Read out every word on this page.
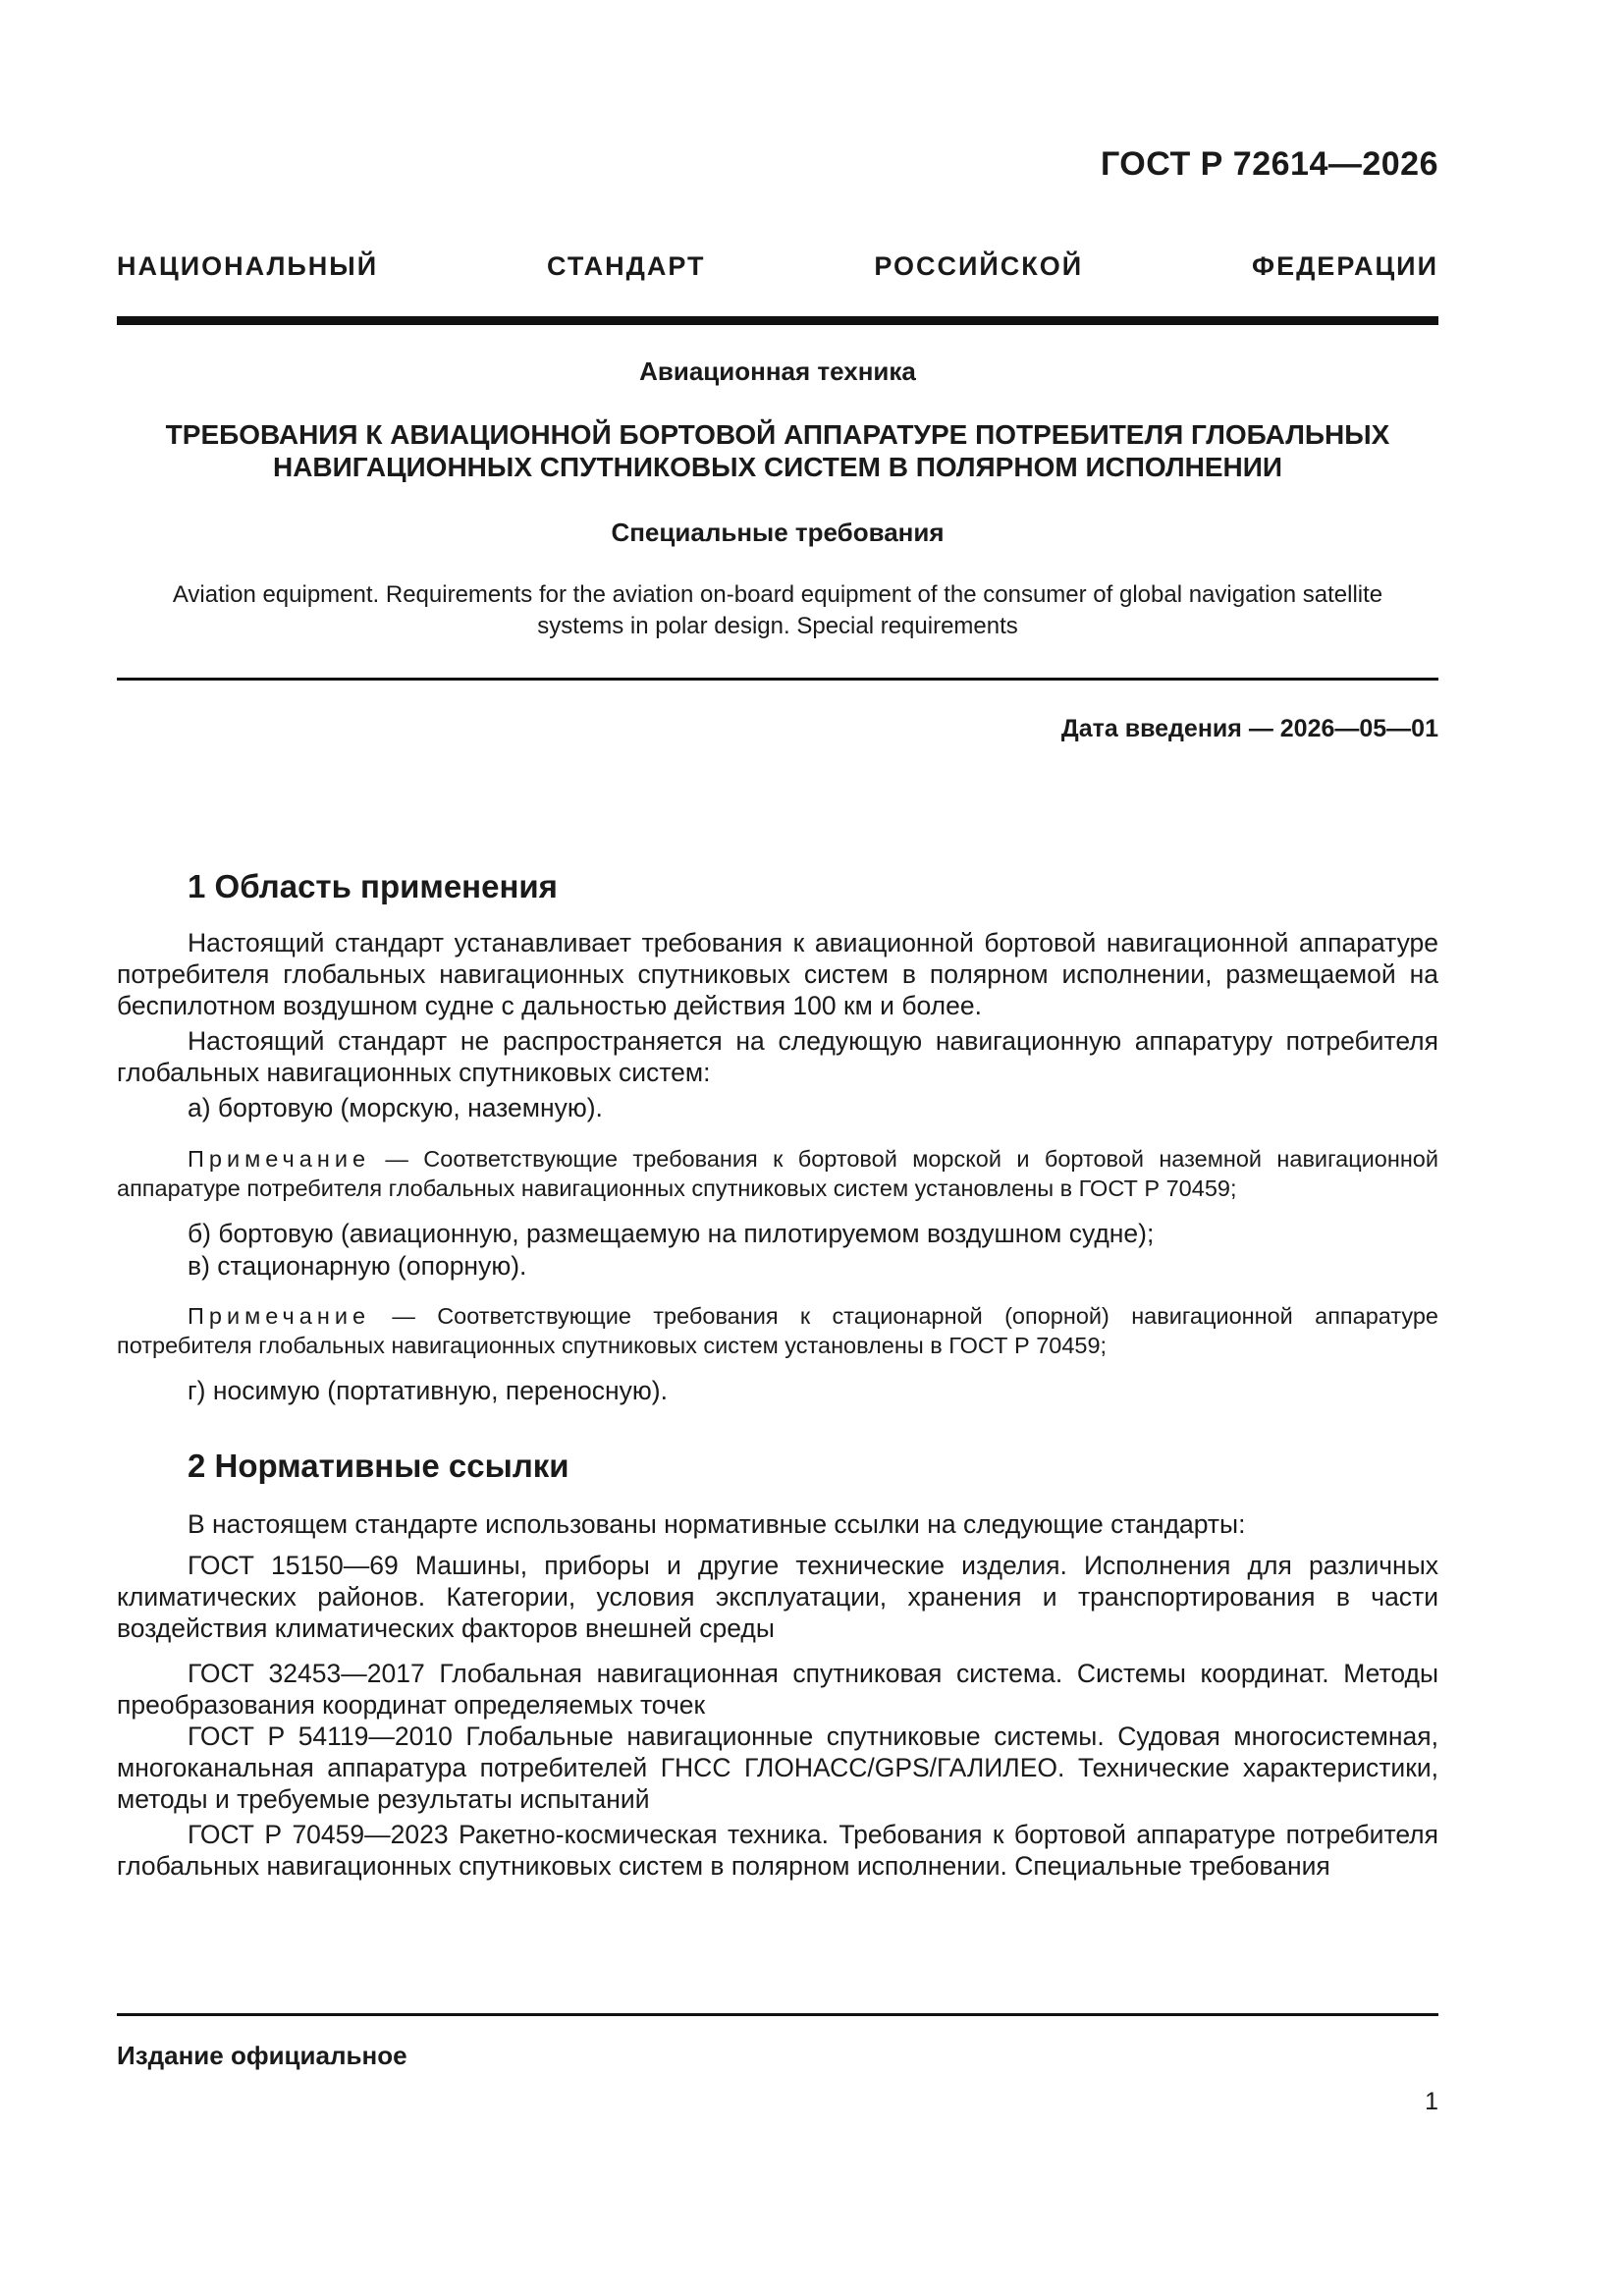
ГОСТ Р 72614—2026
НАЦИОНАЛЬНЫЙ СТАНДАРТ РОССИЙСКОЙ ФЕДЕРАЦИИ
Авиационная техника
ТРЕБОВАНИЯ К АВИАЦИОННОЙ БОРТОВОЙ АППАРАТУРЕ ПОТРЕБИТЕЛЯ ГЛОБАЛЬНЫХ
НАВИГАЦИОННЫХ СПУТНИКОВЫХ СИСТЕМ В ПОЛЯРНОМ ИСПОЛНЕНИИ
Специальные требования
Aviation equipment. Requirements for the aviation on-board equipment of the consumer of global navigation satellite
systems in polar design. Special requirements
Дата введения — 2026—05—01
1 Область применения
Настоящий стандарт устанавливает требования к авиационной бортовой навигационной аппаратуре потребителя глобальных навигационных спутниковых систем в полярном исполнении, размещаемой на беспилотном воздушном судне с дальностью действия 100 км и более.
Настоящий стандарт не распространяется на следующую навигационную аппаратуру потребителя глобальных навигационных спутниковых систем:
а) бортовую (морскую, наземную).
Примечание — Соответствующие требования к бортовой морской и бортовой наземной навигационной аппаратуре потребителя глобальных навигационных спутниковых систем установлены в ГОСТ Р 70459;
б) бортовую (авиационную, размещаемую на пилотируемом воздушном судне);
в) стационарную (опорную).
Примечание — Соответствующие требования к стационарной (опорной) навигационной аппаратуре потребителя глобальных навигационных спутниковых систем установлены в ГОСТ Р 70459;
г) носимую (портативную, переносную).
2 Нормативные ссылки
В настоящем стандарте использованы нормативные ссылки на следующие стандарты:
ГОСТ 15150—69 Машины, приборы и другие технические изделия. Исполнения для различных климатических районов. Категории, условия эксплуатации, хранения и транспортирования в части воздействия климатических факторов внешней среды
ГОСТ 32453—2017 Глобальная навигационная спутниковая система. Системы координат. Методы преобразования координат определяемых точек
ГОСТ Р 54119—2010 Глобальные навигационные спутниковые системы. Судовая многосистемная, многоканальная аппаратура потребителей ГНСС ГЛОНАСС/GPS/ГАЛИЛЕО. Технические характеристики, методы и требуемые результаты испытаний
ГОСТ Р 70459—2023 Ракетно-космическая техника. Требования к бортовой аппаратуре потребителя глобальных навигационных спутниковых систем в полярном исполнении. Специальные требования
Издание официальное
1
